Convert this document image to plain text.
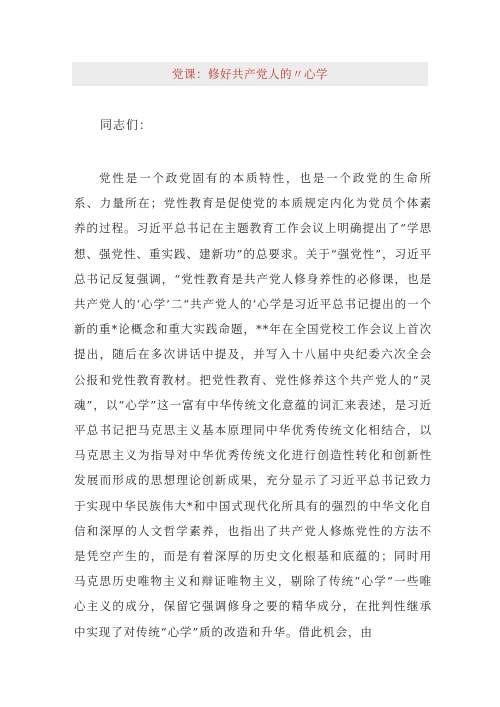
党课：修好共产党人的〃心学
同志们：

党性是一个政党固有的本质特性，也是一个政党的生命所系、力量所在；党性教育是促使党的本质规定内化为党员个体素养的过程。习近平总书记在主题教育工作会议上明确提出了“学思想、强党性、重实践、建新功”的总要求。关于“强党性”，习近平总书记反复强调，“党性教育是共产党人修身养性的必修课，也是共产党人的‘心学’二“共产党人的‘心学是习近平总书记提出的一个新的重*论概念和重大实践命题，**年在全国党校工作会议上首次提出，随后在多次讲话中提及，并写入十八届中央纪委六次全会公报和党性教育教材。把党性教育、党性修养这个共产党人的“灵魂”，以“心学”这一富有中华传统文化意蕴的词汇来表述，是习近平总书记把马克思主义基本原理同中华优秀传统文化相结合，以马克思主义为指导对中华优秀传统文化进行创造性转化和创新性发展而形成的思想理论创新成果，充分显示了习近平总书记致力于实现中华民族伟大*和中国式现代化所具有的强烈的中华文化自信和深厚的人文哲学素养，也指出了共产党人修炼党性的方法不是凭空产生的，而是有着深厚的历史文化根基和底蕴的；同时用马克思历史唯物主义和辩证唯物主义，剔除了传统“心学”一些唯心主义的成分，保留它强调修身之要的精华成分，在批判性继承中实现了对传统“心学”质的改造和升华。借此机会，由
